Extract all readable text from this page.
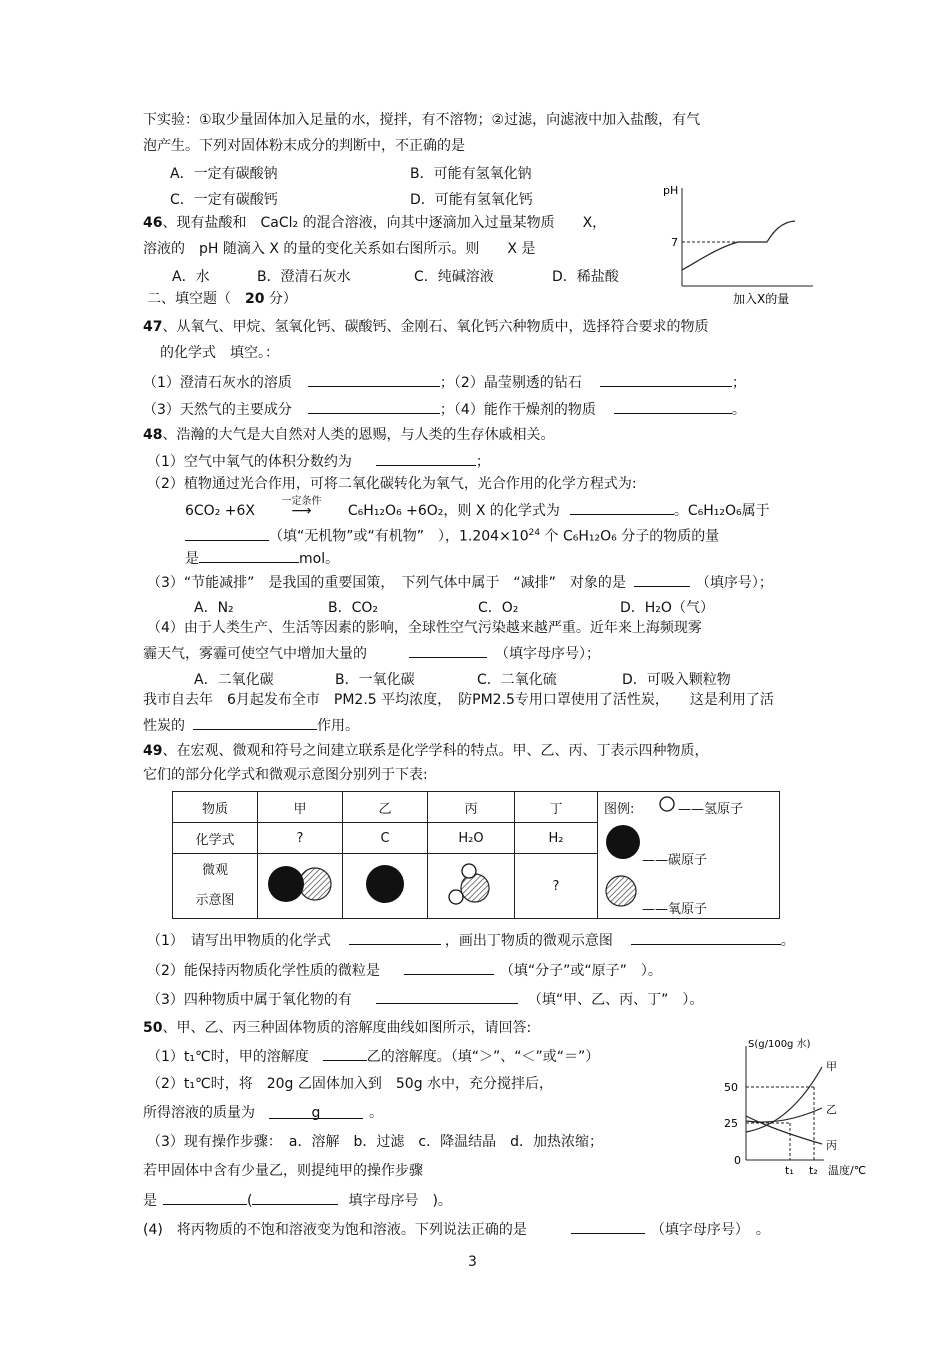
下实验：①取少量固体加入足量的水，搅拌，有不溶物；②过滤，向滤液中加入盐酸，有气
泡产生。下列对固体粉末成分的判断中，不正确的是
A．一定有碳酸钠	B．可能有氢氧化钠
C．一定有碳酸钙	D．可能有氢氧化钙
46、现有盐酸和　CaCl₂ 的混合溶液，向其中逐滴加入过量某物质　　X，
溶液的　pH 随滴入 X 的量的变化关系如右图所示。则　　X 是
A．水	B．澄清石灰水	C．纯碱溶液	D．稀盐酸
pH
7
加入X的量
二、填空题（　20 分）
47、从氧气、甲烷、氢氧化钙、碳酸钙、金刚石、氧化钙六种物质中，选择符合要求的物质
的化学式　填空。：
（1）澄清石灰水的溶质	；（2）晶莹剔透的钻石	；
（3）天然气的主要成分	；（4）能作干燥剂的物质	。
48、浩瀚的大气是大自然对人类的恩赐，与人类的生存休戚相关。
（1）空气中氧气的体积分数约为	；
（2）植物通过光合作用，可将二氧化碳转化为氧气，光合作用的化学方程式为:
6CO₂ +6X
一定条件
⟶ C₆H₁₂O₆ +6O₂，则 X 的化学式为	。C₆H₁₂O₆属于
（填“无机物”或“有机物”　），$1.204\times 10^{24}$ 个 C₆H₁₂O₆ 分子的物质的量
是	mol。
（3）“节能减排”　是我国的重要国策，　下列气体中属于　“减排”　对象的是	（填序号）；
A．N₂	B．CO₂	C．O₂	D．H₂O（气）
（4）由于人类生产、生活等因素的影响，全球性空气污染越来越严重。近年来上海频现雾
霾天气，雾霾可使空气中增加大量的	（填字母序号）；
A．二氧化碳	B．一氧化碳	C．二氧化硫	D．可吸入颗粒物
我市自去年　6月起发布全市　PM2.5 平均浓度，　防PM2.5专用口罩使用了活性炭，　　这是利用了活
性炭的	作用。
49、在宏观、微观和符号之间建立联系是化学学科的特点。甲、乙、丙、丁表示四种物质，
它们的部分化学式和微观示意图分别列于下表:
物质	甲	乙	丙	丁	图例: ——氢原子
——碳原子
——氧原子

化学式	?	C	H₂O	H₂	

微观
示意图				?	
（1）　请写出甲物质的化学式	，画出丁物质的微观示意图	。
（2）能保持丙物质化学性质的微粒是	（填“分子”或“原子”　）。
（3）四种物质中属于氧化物的有	（填“甲、乙、丙、丁”　）。
50、甲、乙、丙三种固体物质的溶解度曲线如图所示，请回答:
（1）t₁℃时，甲的溶解度	乙的溶解度。（填“＞”、“＜”或“＝”）
（2）t₁℃时，将　20g 乙固体加入到　50g 水中，充分搅拌后，
所得溶液的质量为	g	。
（3）现有操作步骤：　a．溶解　b．过滤　c．降温结晶　d．加热浓缩；
若甲固体中含有少量乙，则提纯甲的操作步骤
是	(	填字母序号　)。
(4)　将丙物质的不饱和溶液变为饱和溶液。下列说法正确的是	（填字母序号）　。
S(g/100g 水)
50
25
0
甲
乙
丙
t₁ t₂ 温度/℃
3
